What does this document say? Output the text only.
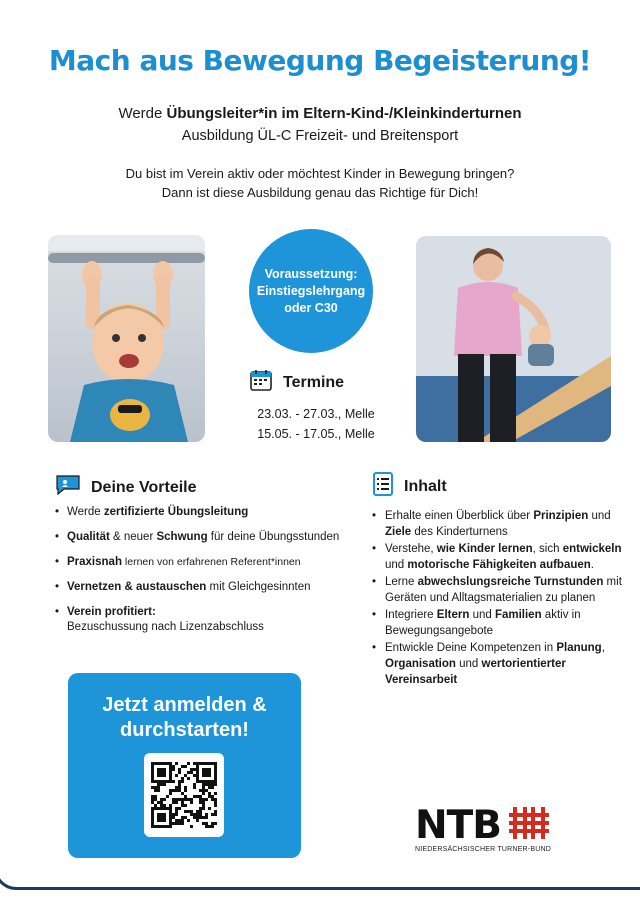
Mach aus Bewegung Begeisterung!
Werde Übungsleiter*in im Eltern-Kind-/Kleinkinderturnen
Ausbildung ÜL-C Freizeit- und Breitensport
Du bist im Verein aktiv oder möchtest Kinder in Bewegung bringen?
Dann ist diese Ausbildung genau das Richtige für Dich!
Voraussetzung:
Einstiegslehrgang
oder C30
Termine
23.03. - 27.03., Melle
15.05. - 17.05., Melle
Deine Vorteile
• Werde zertifizierte Übungsleitung
• Qualität & neuer Schwung für deine Übungsstunden
• Praxisnah lernen von erfahrenen Referent*innen
• Vernetzen & austauschen mit Gleichgesinnten
• Verein profitiert:
Bezuschussung nach Lizenzabschluss
Inhalt
• Erhalte einen Überblick über Prinzipien und Ziele des Kinderturnens
• Verstehe, wie Kinder lernen, sich entwickeln und motorische Fähigkeiten aufbauen.
• Lerne abwechslungsreiche Turnstunden mit Geräten und Alltagsmaterialien zu planen
• Integriere Eltern und Familien aktiv in Bewegungsangebote
• Entwickle Deine Kompetenzen in Planung, Organisation und wertorientierter Vereinsarbeit
Jetzt anmelden &
durchstarten!
NTB
NIEDERSÄCHSISCHER TURNER-BUND
